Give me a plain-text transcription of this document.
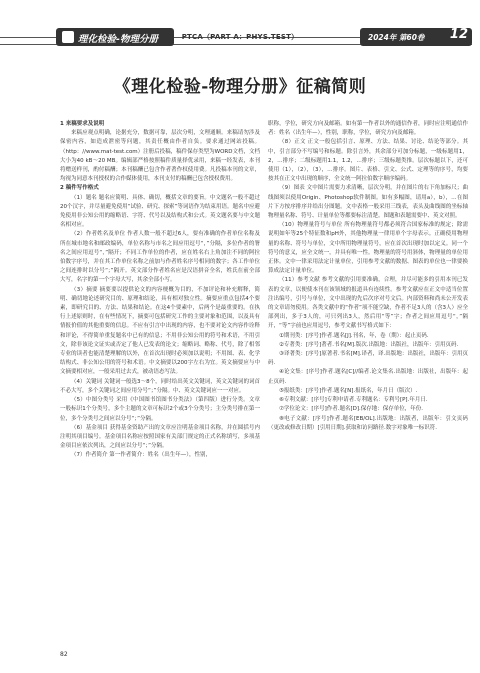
理化检验-物理分册	PTCA（PART A：PHYS.TEST）	2024年 第60卷 12
《理化检验-物理分册》征稿简则

1 来稿要求及说明

来稿应观点明确，论据充分，数据可靠，层次分明，文理通顺。来稿请勿涉及保密内容，如造成泄密等问题，其责任概由作者自负。要求通过网站投稿。（http：//www.mat-test.com）注册后投稿，稿件保存类型为WORD文档，文档大小为40 kB～20 MB。编辑部严格按照稿件质量择优录用，来稿一经发表，本刊将赠送样刊，酌付稿酬；本刊稿酬已包含作者著作权使用费。凡投稿本刊的文章，均视为同意本刊授权的合作媒体使用，本刊支付的稿酬已包含授权费用。

2 稿件写作格式

（1）题名 题名应简明、具体、确切，概括文章的要旨。中文题名一般不超过20个汉字，并尽量避免使用“试验、研究、探索”等词语作为结束用语。题名中应避免使用非公知公用的缩略语、字符、代号以及结构式和公式。英文题名要与中文题名相对应。

（2）作者姓名及单位 作者人数一般不超过6人，要有准确的作者单位名称及所在城市地名和邮政编码，单位名称与市名之间应用逗号“，”分隔，多位作者的署名之间应用逗号“，”隔开；不同工作单位的作者，应在姓名右上角加注不同的阿拉伯数字序号，并在其工作单位名称之前加与作者姓名序号相同的数字；各工作单位之间连排时以分号“；”隔开。英文部分作者姓名应是汉语拼音全名，姓氏在前全部大写，名字的第一个字母大写，其余全部小写。

（3）摘要 摘要要以提供论文的内容梗概为目的，不加评论和补充解释，简明、确切地论述研究目的、原理和结论，具有相对独立性。摘要应重点包括4个要素，即研究目的、方法、结果和结论。在这4个要素中，后两个是最重要的。在执行上述原则时，在有些情况下，摘要可包括研究工作的主要对象和范围，以及具有情报价值的其他重要的信息。不应有引言中出现的内容，也不要对论文内容作诠释和评论，不得简单重复题名中已有的信息；不用非公知公用的符号和术语，不用引文，除非该论文证实或否定了他人已发表的论文；缩略词、略称、代号，除了相邻专业的读者也能清楚理解的以外，在首次出现时必须加以说明；不用图、表、化学结构式、非公知公用的符号和术语。中文摘要以200字左右为宜。英文摘要应与中文摘要相对应，一般采用过去式，被动语态写法。

（4）关键词 关键词一般选3～8个，同时给出英文关键词，英文关键词的词首不必大写，多个关键词之间应用分号“；”分隔。中、英文关键词应一一对应。

（5）中图分类号 采用《中国图书馆图书分类法》（第四版）进行分类。文章一般标识1个分类号，多个主题的文章可标识2个或3个分类号；主分类号排在第一位，多个分类号之间应以分号“；”分隔。

（6）基金项目 获得基金资助产出的文章应注明基金项目名称，并在圆括号内注明其项目编号。基金项目名称应按照国家有关部门规定的正式名称填写，多项基金项目应依次列出，之间应以分号“；”分隔。

（7）作者简介 第一作者简介：姓名（出生年—），性别，

职称，学位，研究方向及邮箱。如有第一作者以外的通信作者，同时应注明通信作者：姓名（出生年—），性别，职称，学位，研究方向及邮箱。

（8）正文 正文一般包括引言、原理、方法、结果、讨论、结论等部分。其中，引言部分不写编号和标题。除引言外，其余部分可加分标题，一级标题用1，2，…排序；二级标题用1.1，1.2，…排序；三级标题类推。层次标题以下，还可使用（1），（2），（3），…排序。图片、表格、引文、公式、定理等的序号，均要按其在正文中出现的顺序，全文统一阿拉伯数字顺序编码。

（9）图表 文中图片需要力求清晰，层次分明，并在图片的右下角加标尺；曲线图须以使用Origin、Photoshop软件制图。如有多幅图，请用a），b），…在图片下方按序排序并给出分图题。文中表格一般采用三线表，表头及曲线图的坐标轴物理量名称、符号、计量单位等都要标注清楚。图题和表题需要中、英文对照。

（10）物理量符号与单位 所有物理量符号都必须符合国家标准的规定；除需说明如年等25个特征数和pH外，其他物理量一律用单个字母表示。正确使用物理量的名称、符号与单位，文中所用物理量符号，应在首次出现时加以定义。同一个符号的意义，应全文统一，并具有唯一性。物理量的符号用斜体，物理量的单位用正体。文中一律采用法定计量单位，引用参考文献的数据、图表的单位也一律要换算成法定计量单位。

（11）参考文献 参考文献的引用要准确，合理，并尽可能多的引用本刊已发表的文章，以便使本刊在该领域的报道具有连续性。参考文献应在正文中适当位置注出编号，引号与单位，文中出现的先后次序对号文后。内部资料和尚未公开发表的文章请勿使用。各类文献中的“作者”项不能空缺，作者不足3人的（含3人）应全部列出，多于3人的，可只列出3人，然后用“等”字；作者之间应用逗号“，”隔开，“等”字前也应用逗号，参考文献书写格式如下：

①期刊类：[序号]作者.题名[J].刊名，年，卷（期）：起止页码.

②专著类：[序号]著者.书名[M].版次.出版地：出版社，出版年：引用页码.

③译著类：[序号]原著者.书名[M].译者，译.出版地：出版社，出版年：引用页码.

④论文集：[序号]作者.题名[C]//编者.论文集名.出版地：出版社，出版年：起止页码.

⑤报纸类：[序号]作者.题名[N].报纸名，年月日（版次）.

⑥专利文献：[序号]专利申请者.专利题名：专利号[P].年月日.

⑦学位论文：[序号]作者.题名[D].保存地：保存单位，年份.

⑧电子文献：[序号]作者.题名[EB/OL].出版地：出版者，出版年：引文页码（更改或修改日期）[引用日期].获取和访问路径.数字对象唯一标识符.

82
